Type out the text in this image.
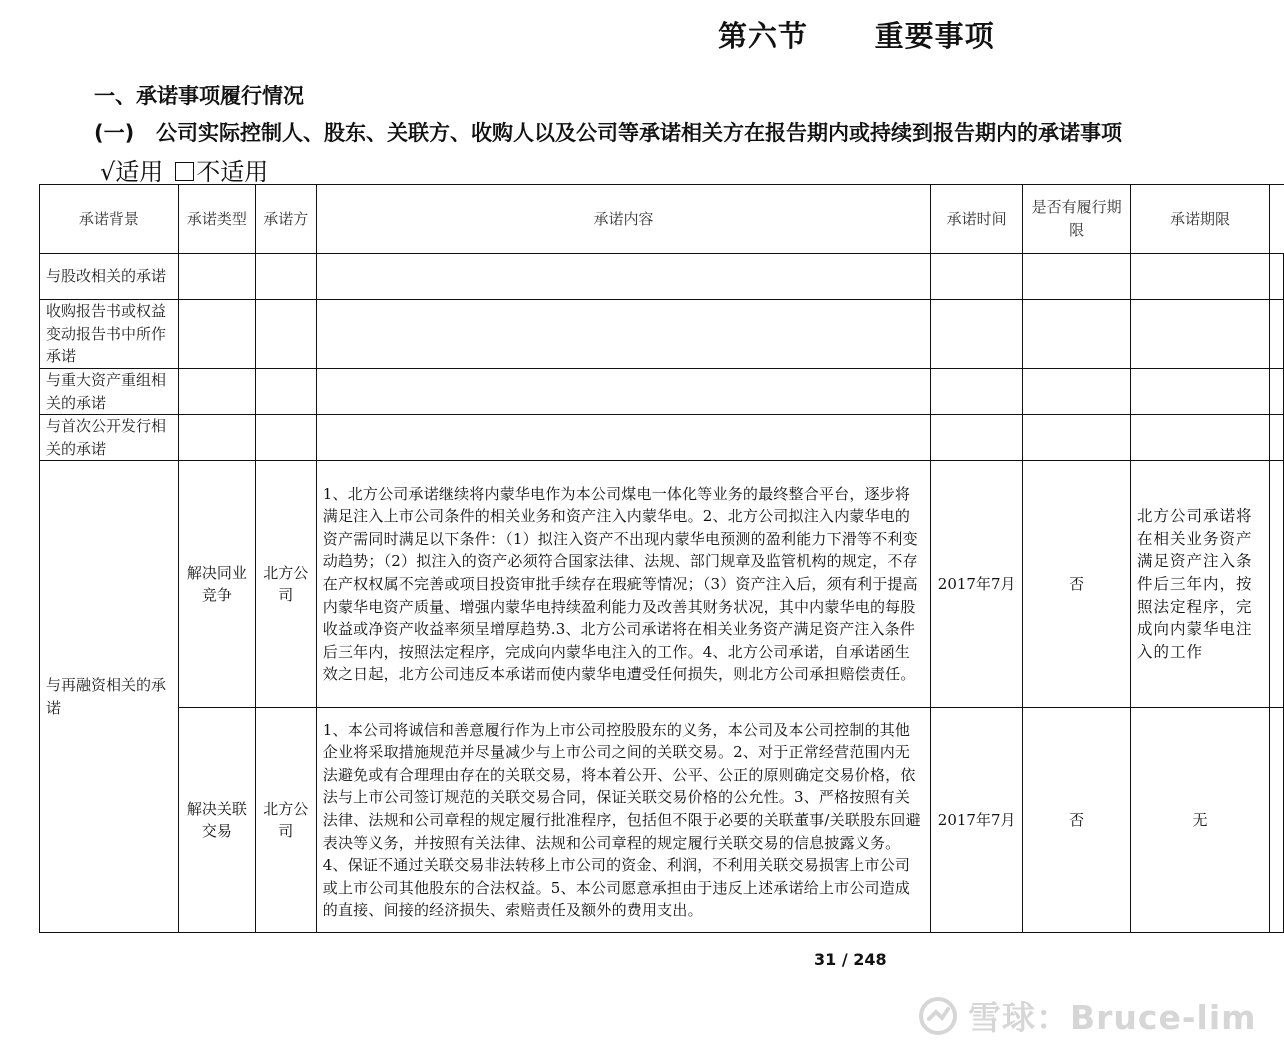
第六节      重要事项
一、承诺事项履行情况
(一) 公司实际控制人、股东、关联方、收购人以及公司等承诺相关方在报告期内或持续到报告期内的承诺事项
√适用 不适用
承诺背景	承诺类型	承诺方	承诺内容	承诺时间	是否有履行期限	承诺期限	
与股改相关的承诺							
收购报告书或权益变动报告书中所作承诺							
与重大资产重组相关的承诺							
与首次公开发行相关的承诺							
与再融资相关的承诺	解决同业竞争	北方公司	1、北方公司承诺继续将内蒙华电作为本公司煤电一体化等业务的最终整合平台，逐步将满足注入上市公司条件的相关业务和资产注入内蒙华电。2、北方公司拟注入内蒙华电的资产需同时满足以下条件：（1）拟注入资产不出现内蒙华电预测的盈利能力下滑等不利变动趋势；（2）拟注入的资产必须符合国家法律、法规、部门规章及监管机构的规定，不存在产权权属不完善或项目投资审批手续存在瑕疵等情况；（3）资产注入后，须有利于提高内蒙华电资产质量、增强内蒙华电持续盈利能力及改善其财务状况，其中内蒙华电的每股收益或净资产收益率须呈增厚趋势.3、北方公司承诺将在相关业务资产满足资产注入条件后三年内，按照法定程序，完成向内蒙华电注入的工作。4、北方公司承诺，自承诺函生效之日起，北方公司违反本承诺而使内蒙华电遭受任何损失，则北方公司承担赔偿责任。	2017年7月	否	北方公司承诺将在相关业务资产满足资产注入条件后三年内，按照法定程序，完成向内蒙华电注入的工作	
	解决关联交易	北方公司	1、本公司将诚信和善意履行作为上市公司控股股东的义务，本公司及本公司控制的其他企业将采取措施规范并尽量减少与上市公司之间的关联交易。2、对于正常经营范围内无法避免或有合理理由存在的关联交易，将本着公开、公平、公正的原则确定交易价格，依法与上市公司签订规范的关联交易合同，保证关联交易价格的公允性。3、严格按照有关法律、法规和公司章程的规定履行批准程序，包括但不限于必要的关联董事/关联股东回避表决等义务，并按照有关法律、法规和公司章程的规定履行关联交易的信息披露义务。4、保证不通过关联交易非法转移上市公司的资金、利润，不利用关联交易损害上市公司或上市公司其他股东的合法权益。5、本公司愿意承担由于违反上述承诺给上市公司造成的直接、间接的经济损失、索赔责任及额外的费用支出。	2017年7月	否	无	
31 / 248
雪球：Bruce-lim
